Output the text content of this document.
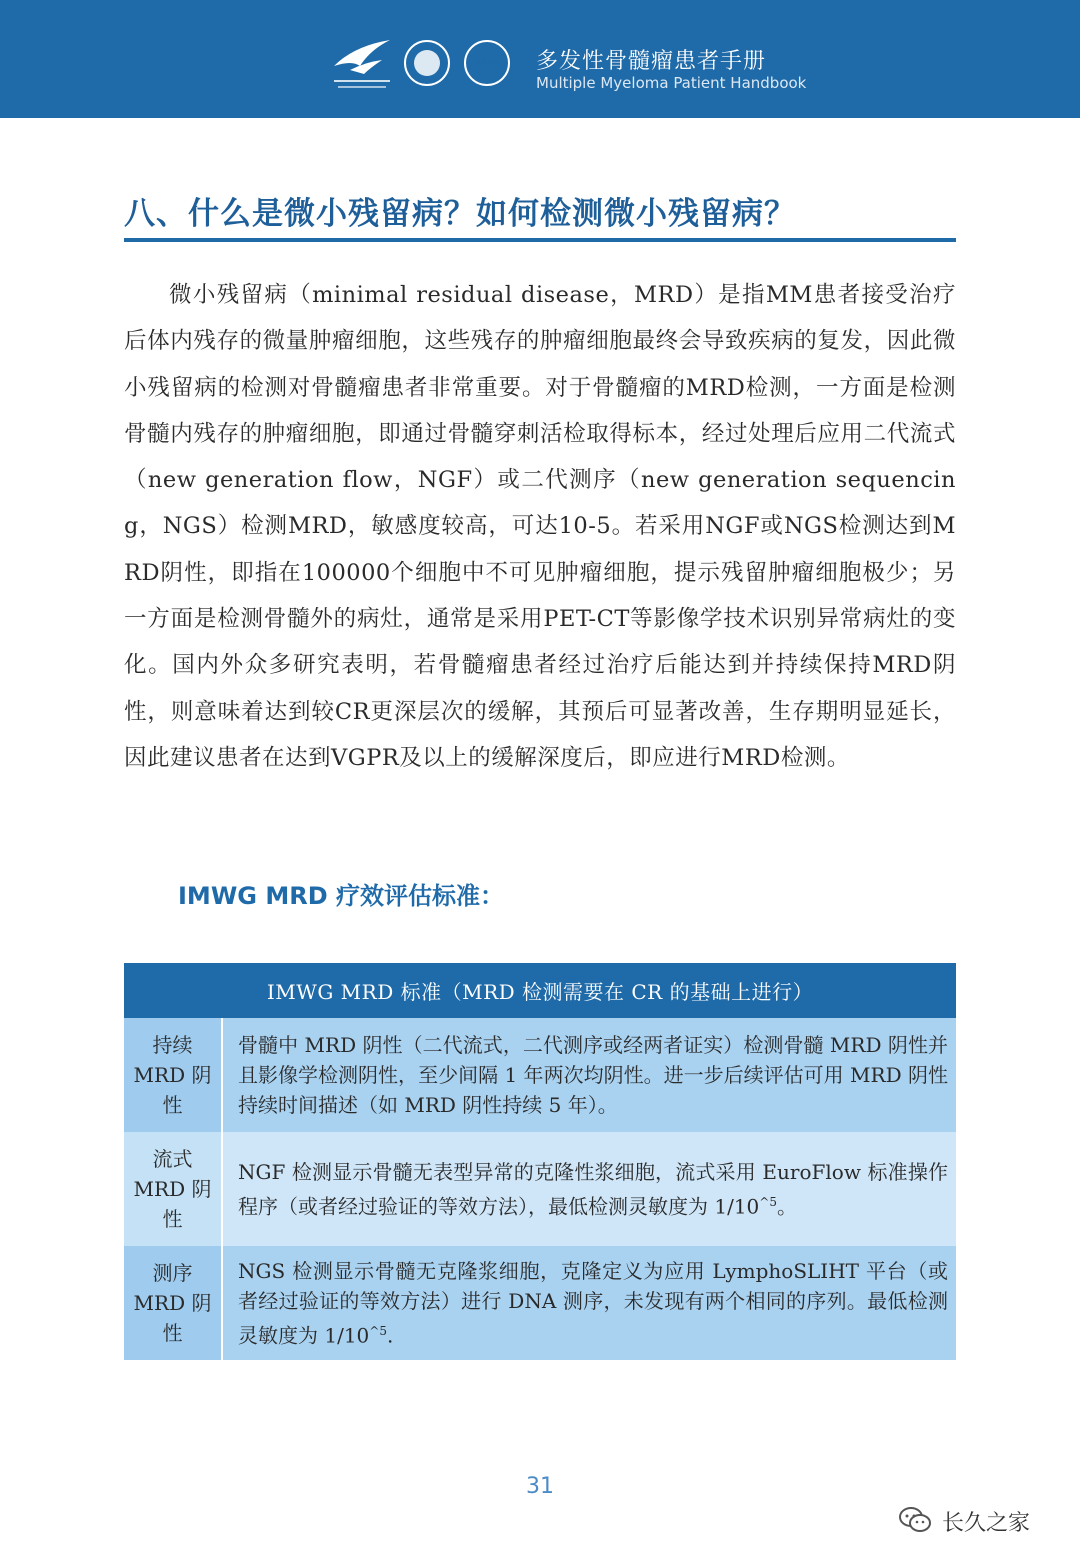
MMICC	多发性骨髓瘤患者手册
Multiple Myeloma Patient Handbook
八、什么是微小残留病？如何检测微小残留病？

微小残留病（minimal residual disease，MRD）是指MM患者接受治疗后体内残存的微量肿瘤细胞，这些残存的肿瘤细胞最终会导致疾病的复发，因此微小残留病的检测对骨髓瘤患者非常重要。对于骨髓瘤的MRD检测，一方面是检测骨髓内残存的肿瘤细胞，即通过骨髓穿刺活检取得标本，经过处理后应用二代流式（new generation flow，NGF）或二代测序（new generation sequencing，NGS）检测MRD，敏感度较高，可达10-5。若采用NGF或NGS检测达到MRD阴性，即指在100000个细胞中不可见肿瘤细胞，提示残留肿瘤细胞极少；另一方面是检测骨髓外的病灶，通常是采用PET-CT等影像学技术识别异常病灶的变化。国内外众多研究表明，若骨髓瘤患者经过治疗后能达到并持续保持MRD阴性，则意味着达到较CR更深层次的缓解，其预后可显著改善，生存期明显延长，因此建议患者在达到VGPR及以上的缓解深度后，即应进行MRD检测。

IMWG MRD 疗效评估标准：
IMWG MRD 标准（MRD 检测需要在 CR 的基础上进行）	
持续 MRD 阴性	骨髓中 MRD 阴性（二代流式，二代测序或经两者证实）检测骨髓 MRD 阴性并且影像学检测阴性，至少间隔 1 年两次均阴性。进一步后续评估可用 MRD 阴性持续时间描述（如 MRD 阴性持续 5 年）。
流式 MRD 阴性	NGF 检测显示骨髓无表型异常的克隆性浆细胞，流式采用 EuroFlow 标准操作程序（或者经过验证的等效方法），最低检测灵敏度为 $1/10^{\^{}5}$。
测序 MRD 阴性	NGS 检测显示骨髓无克隆浆细胞，克隆定义为应用 LymphoSLIHT 平台（或者经过验证的等效方法）进行 DNA 测序，未发现有两个相同的序列。最低检测灵敏度为 $1/10^{\^{}5}$.
31
长久之家
